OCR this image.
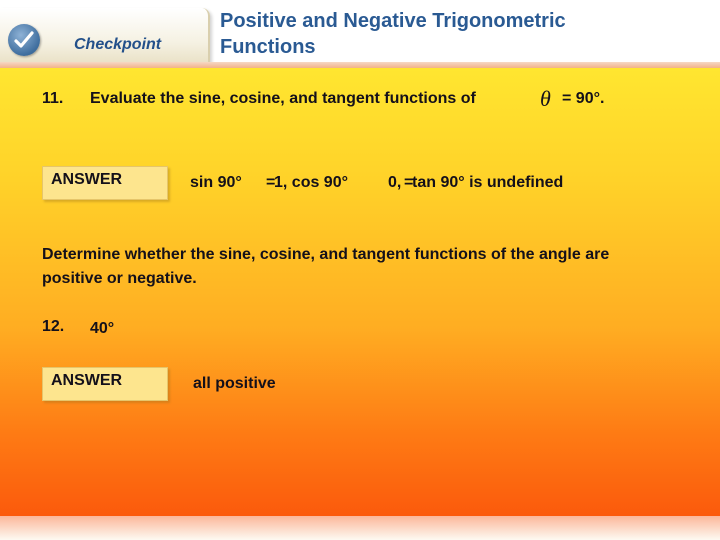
Checkpoint
Positive and Negative Trigonometric
Functions
11. Evaluate the sine, cosine, and tangent functions of	θ = 90°.
ANSWER	sin 90° =
1, cos 90°	0, =
tan 90° is undefined
Determine whether the sine, cosine, and tangent functions of the angle are
positive or negative.
12. 40°
ANSWER	all positive
